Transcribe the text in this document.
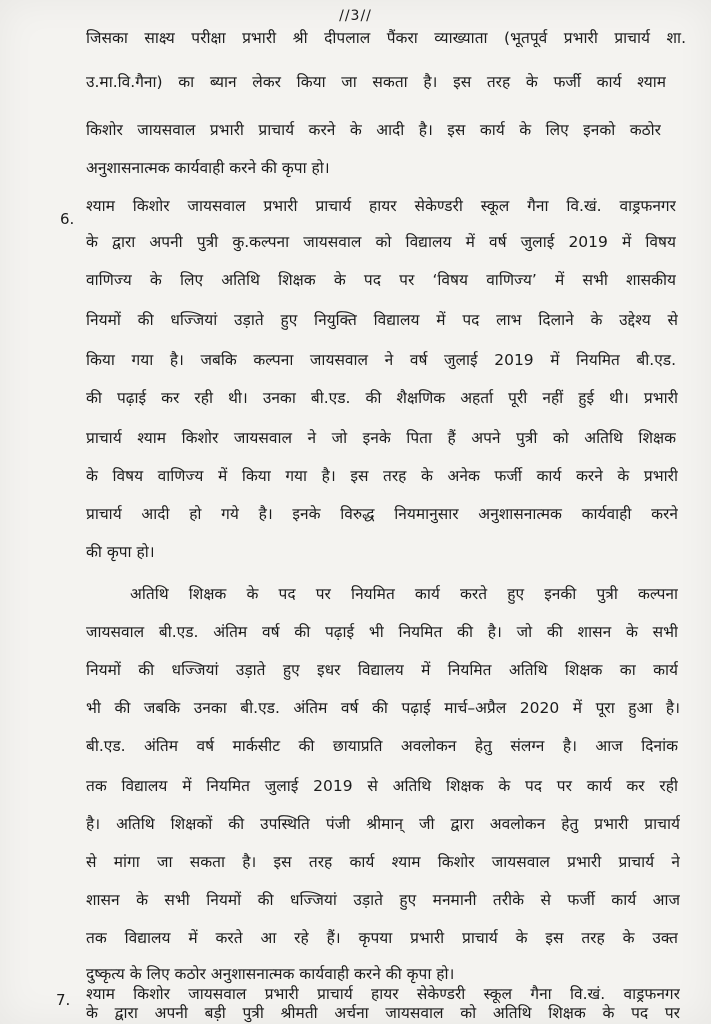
//3//
जिसका साक्ष्य परीक्षा प्रभारी श्री दीपलाल पैंकरा व्याख्याता (भूतपूर्व प्रभारी प्राचार्य शा.
उ.मा.वि.गैना) का ब्यान लेकर किया जा सकता है। इस तरह के फर्जी कार्य श्याम
किशोर जायसवाल प्रभारी प्राचार्य करने के आदी है। इस कार्य के लिए इनको कठोर
अनुशासनात्मक कार्यवाही करने की कृपा हो।
6.
श्याम किशोर जायसवाल प्रभारी प्राचार्य हायर सेकेण्डरी स्कूल गैना वि.खं. वाड्रफनगर
के द्वारा अपनी पुत्री कु.कल्पना जायसवाल को विद्यालय में वर्ष जुलाई 2019 में विषय
वाणिज्य के लिए अतिथि शिक्षक के पद पर ‘विषय वाणिज्य’ में सभी शासकीय
नियमों की धज्जियां उड़ाते हुए नियुक्ति विद्यालय में पद लाभ दिलाने के उद्देश्य से
किया गया है। जबकि कल्पना जायसवाल ने वर्ष जुलाई 2019 में नियमित बी.एड.
की पढ़ाई कर रही थी। उनका बी.एड. की शैक्षणिक अहर्ता पूरी नहीं हुई थी। प्रभारी
प्राचार्य श्याम किशोर जायसवाल ने जो इनके पिता हैं अपने पुत्री को अतिथि शिक्षक
के विषय वाणिज्य में किया गया है। इस तरह के अनेक फर्जी कार्य करने के प्रभारी
प्राचार्य आदी हो गये है। इनके विरुद्ध नियमानुसार अनुशासनात्मक कार्यवाही करने
की कृपा हो।
अतिथि शिक्षक के पद पर नियमित कार्य करते हुए इनकी पुत्री कल्पना
जायसवाल बी.एड. अंतिम वर्ष की पढ़ाई भी नियमित की है। जो की शासन के सभी
नियमों की धज्जियां उड़ाते हुए इधर विद्यालय में नियमित अतिथि शिक्षक का कार्य
भी की जबकि उनका बी.एड. अंतिम वर्ष की पढ़ाई मार्च–अप्रैल 2020 में पूरा हुआ है।
बी.एड. अंतिम वर्ष मार्कसीट की छायाप्रति अवलोकन हेतु संलग्न है। आज दिनांक
तक विद्यालय में नियमित जुलाई 2019 से अतिथि शिक्षक के पद पर कार्य कर रही
है। अतिथि शिक्षकों की उपस्थिति पंजी श्रीमान् जी द्वारा अवलोकन हेतु प्रभारी प्राचार्य
से मांगा जा सकता है। इस तरह कार्य श्याम किशोर जायसवाल प्रभारी प्राचार्य ने
शासन के सभी नियमों की धज्जियां उड़ाते हुए मनमानी तरीके से फर्जी कार्य आज
तक विद्यालय में करते आ रहे हैं। कृपया प्रभारी प्राचार्य के इस तरह के उक्त
दुष्कृत्य के लिए कठोर अनुशासनात्मक कार्यवाही करने की कृपा हो।
7. श्याम किशोर जायसवाल प्रभारी प्राचार्य हायर सेकेण्डरी स्कूल गैना वि.खं. वाड्रफनगर
के द्वारा अपनी बड़ी पुत्री श्रीमती अर्चना जायसवाल को अतिथि शिक्षक के पद पर
